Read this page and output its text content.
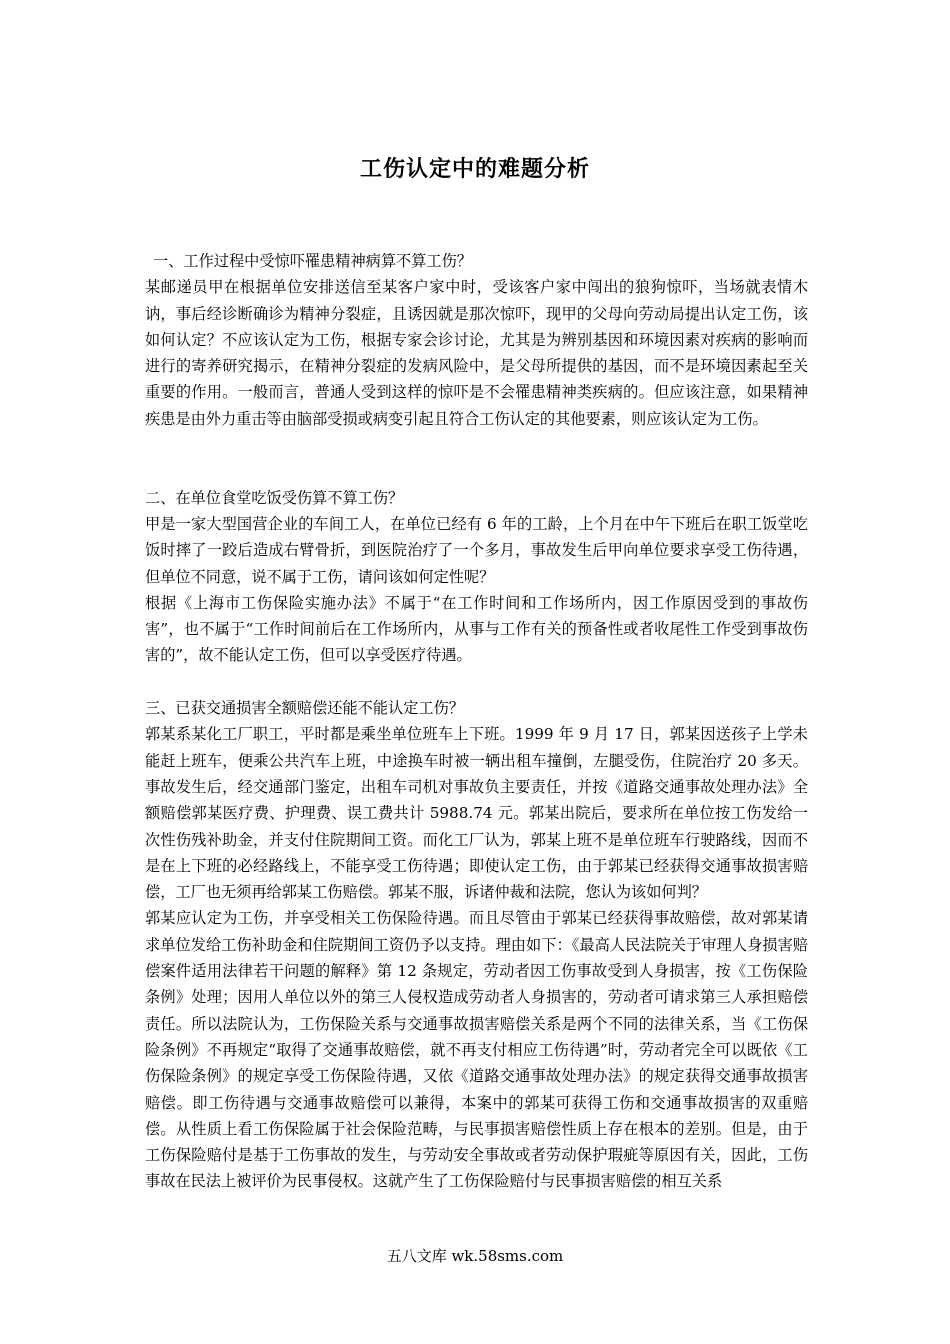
工伤认定中的难题分析

一、工作过程中受惊吓罹患精神病算不算工伤？

某邮递员甲在根据单位安排送信至某客户家中时，受该客户家中闯出的狼狗惊吓，当场就表情木讷，事后经诊断确诊为精神分裂症，且诱因就是那次惊吓，现甲的父母向劳动局提出认定工伤，该如何认定？不应该认定为工伤，根据专家会诊讨论，尤其是为辨别基因和环境因素对疾病的影响而进行的寄养研究揭示，在精神分裂症的发病风险中，是父母所提供的基因，而不是环境因素起至关重要的作用。一般而言，普通人受到这样的惊吓是不会罹患精神类疾病的。但应该注意，如果精神疾患是由外力重击等由脑部受损或病变引起且符合工伤认定的其他要素，则应该认定为工伤。

二、在单位食堂吃饭受伤算不算工伤？

甲是一家大型国营企业的车间工人，在单位已经有 6 年的工龄，上个月在中午下班后在职工饭堂吃饭时摔了一跤后造成右臂骨折，到医院治疗了一个多月，事故发生后甲向单位要求享受工伤待遇，但单位不同意，说不属于工伤，请问该如何定性呢？

根据《上海市工伤保险实施办法》不属于“在工作时间和工作场所内，因工作原因受到的事故伤害”，也不属于“工作时间前后在工作场所内，从事与工作有关的预备性或者收尾性工作受到事故伤害的”，故不能认定工伤，但可以享受医疗待遇。

三、已获交通损害全额赔偿还能不能认定工伤？

郭某系某化工厂职工，平时都是乘坐单位班车上下班。1999 年 9 月 17 日，郭某因送孩子上学未能赶上班车，便乘公共汽车上班，中途换车时被一辆出租车撞倒，左腿受伤，住院治疗 20 多天。事故发生后，经交通部门鉴定，出租车司机对事故负主要责任，并按《道路交通事故处理办法》全额赔偿郭某医疗费、护理费、误工费共计 5988.74 元。郭某出院后，要求所在单位按工伤发给一次性伤残补助金，并支付住院期间工资。而化工厂认为，郭某上班不是单位班车行驶路线，因而不是在上下班的必经路线上，不能享受工伤待遇；即使认定工伤，由于郭某已经获得交通事故损害赔偿，工厂也无须再给郭某工伤赔偿。郭某不服，诉诸仲裁和法院，您认为该如何判？

郭某应认定为工伤，并享受相关工伤保险待遇。而且尽管由于郭某已经获得事故赔偿，故对郭某请求单位发给工伤补助金和住院期间工资仍予以支持。理由如下：《最高人民法院关于审理人身损害赔偿案件适用法律若干问题的解释》第 12 条规定，劳动者因工伤事故受到人身损害，按《工伤保险条例》处理；因用人单位以外的第三人侵权造成劳动者人身损害的，劳动者可请求第三人承担赔偿责任。所以法院认为，工伤保险关系与交通事故损害赔偿关系是两个不同的法律关系，当《工伤保险条例》不再规定“取得了交通事故赔偿，就不再支付相应工伤待遇”时，劳动者完全可以既依《工伤保险条例》的规定享受工伤保险待遇，又依《道路交通事故处理办法》的规定获得交通事故损害赔偿。即工伤待遇与交通事故赔偿可以兼得，本案中的郭某可获得工伤和交通事故损害的双重赔偿。从性质上看工伤保险属于社会保险范畴，与民事损害赔偿性质上存在根本的差别。但是，由于工伤保险赔付是基于工伤事故的发生，与劳动安全事故或者劳动保护瑕疵等原因有关，因此，工伤事故在民法上被评价为民事侵权。这就产生了工伤保险赔付与民事损害赔偿的相互关系

五八文库 wk.58sms.com
